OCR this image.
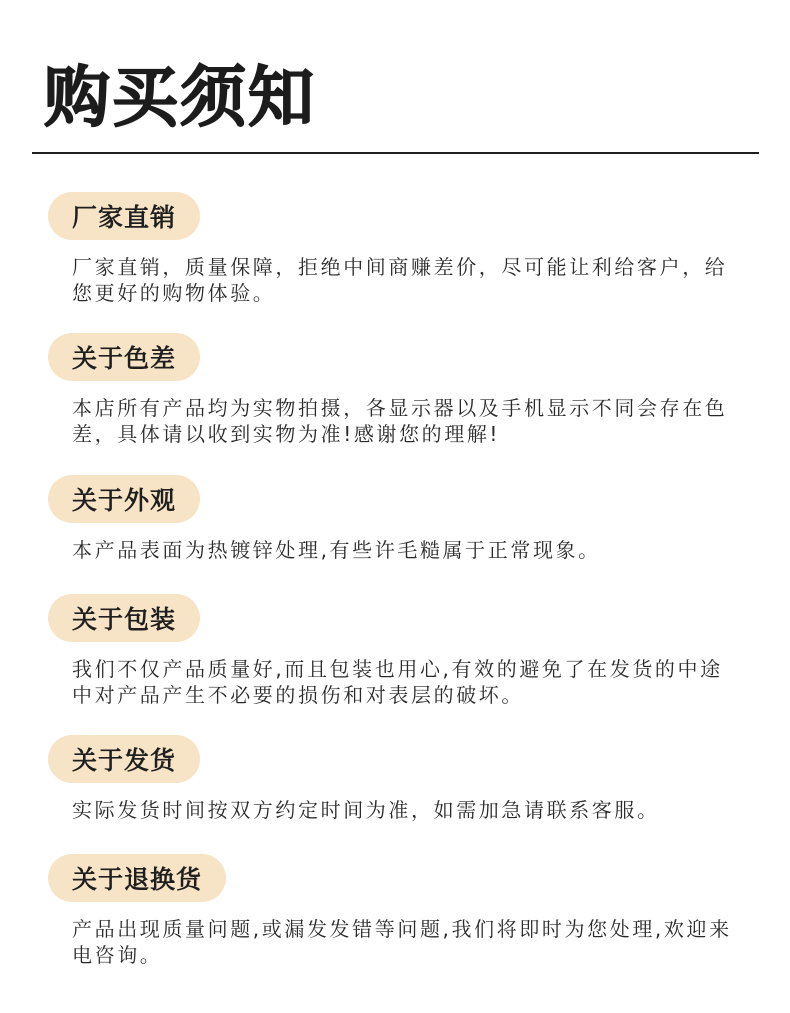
购买须知
厂家直销

厂家直销，质量保障，拒绝中间商赚差价，尽可能让利给客户，给您更好的购物体验。

关于色差

本店所有产品均为实物拍摄，各显示器以及手机显示不同会存在色差，具体请以收到实物为准!感谢您的理解!

关于外观

本产品表面为热镀锌处理,有些许毛糙属于正常现象。

关于包装

我们不仅产品质量好,而且包装也用心,有效的避免了在发货的中途中对产品产生不必要的损伤和对表层的破坏。

关于发货

实际发货时间按双方约定时间为准，如需加急请联系客服。

关于退换货

产品出现质量问题,或漏发发错等问题,我们将即时为您处理,欢迎来电咨询。
